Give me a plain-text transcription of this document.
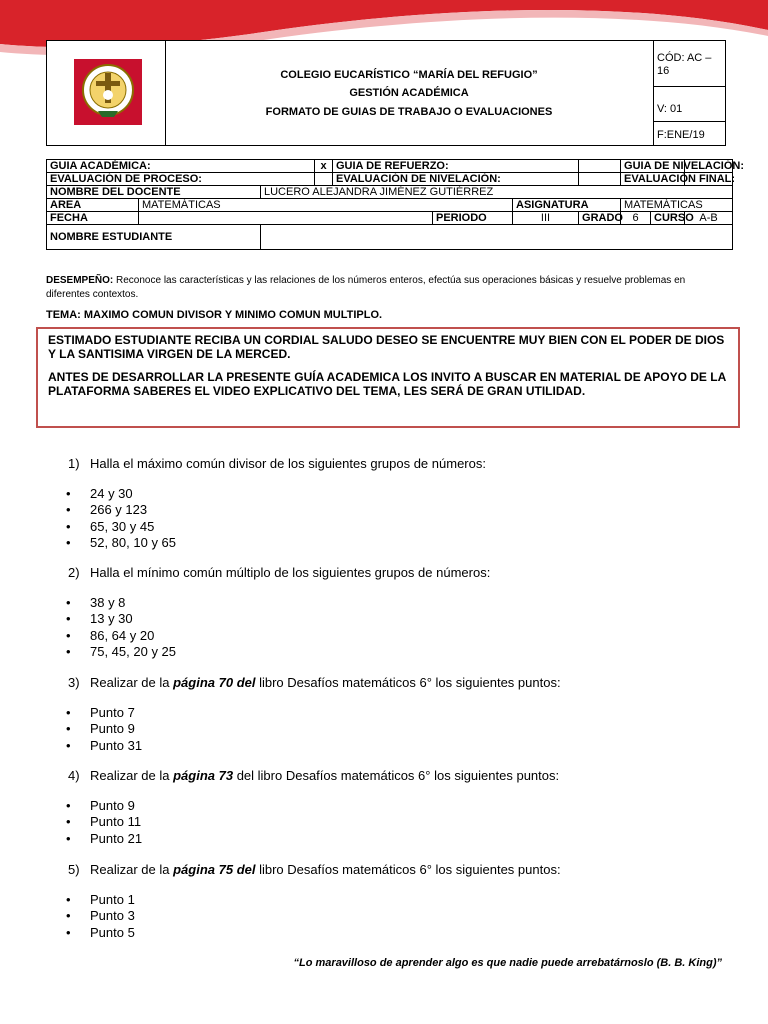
COLEGIO EUCARÍSTICO “MARÍA DEL REFUGIO”
GESTIÓN ACADÉMICA
FORMATO DE GUIAS DE TRABAJO O EVALUACIONES
CÓD: AC – 16
V: 01
F:ENE/19
GUIA ACADÉMICA:			x	GUIA DE REFUERZO:				GUIA DE NIVELACIÓN:		
EVALUACIÓN DE PROCESO:				EVALUACIÓN DE NIVELACIÓN:				EVALUACIÓN FINAL:		
NOMBRE DEL DOCENTE		LUCERO ALEJANDRA JIMÉNEZ GUTIÉRREZ								
AREA	MATEMÁTICAS					ASIGNATURA		MATEMÁTICAS		
FECHA					PERIODO	III	GRADO	6	CURSO	A-B
NOMBRE ESTUDIANTE										
DESEMPEÑO: Reconoce las características y las relaciones de los números enteros, efectúa sus operaciones básicas y resuelve problemas en diferentes contextos.
TEMA: MAXIMO COMUN DIVISOR Y MINIMO COMUN MULTIPLO.

ESTIMADO ESTUDIANTE RECIBA UN CORDIAL SALUDO DESEO SE ENCUENTRE MUY BIEN CON EL PODER DE DIOS Y LA SANTISIMA VIRGEN DE LA MERCED.

ANTES DE DESARROLLAR LA PRESENTE GUÍA ACADEMICA LOS INVITO A BUSCAR EN MATERIAL DE APOYO DE LA PLATAFORMA SABERES EL VIDEO EXPLICATIVO DEL TEMA, LES SERÁ DE GRAN UTILIDAD.

1) Halla el máximo común divisor de los siguientes grupos de números:
• 24 y 30
• 266 y 123
• 65, 30 y 45
• 52, 80, 10 y 65
2) Halla el mínimo común múltiplo de los siguientes grupos de números:
• 38 y 8
• 13 y 30
• 86, 64 y 20
• 75, 45, 20 y 25
3) Realizar de la página 70 del libro Desafíos matemáticos 6° los siguientes puntos:
• Punto 7
• Punto 9
• Punto 31
4) Realizar de la página 73 del libro Desafíos matemáticos 6° los siguientes puntos:
• Punto 9
• Punto 11
• Punto 21
5) Realizar de la página 75 del libro Desafíos matemáticos 6° los siguientes puntos:
• Punto 1
• Punto 3
• Punto 5
“Lo maravilloso de aprender algo es que nadie puede arrebatárnoslo (B. B. King)”
